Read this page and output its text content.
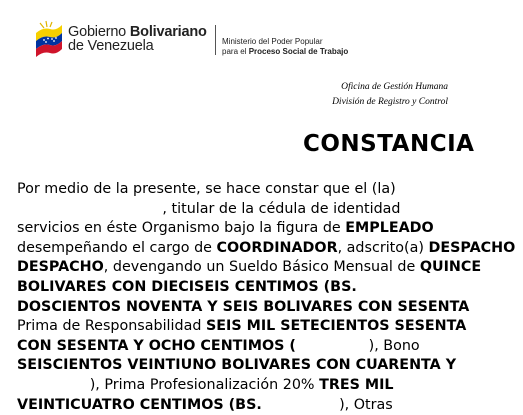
Gobierno Bolivariano
de Venezuela	Ministerio del Poder Popular
para el Proceso Social de Trabajo
Oficina de Gestión Humana
División de Registro y Control
CONSTANCIA
Por medio de la presente, se hace constar que el (la)
, titular de la cédula de identidad
servicios en éste Organismo bajo la figura de EMPLEADO
desempeñando el cargo de COORDINADOR, adscrito(a) DESPACHO
DESPACHO, devengando un Sueldo Básico Mensual de QUINCE
BOLIVARES CON DIECISEIS CENTIMOS (BS.
DOSCIENTOS NOVENTA Y SEIS BOLIVARES CON SESENTA
Prima de Responsabilidad SEIS MIL SETECIENTOS SESENTA
CON SESENTA Y OCHO CENTIMOS (                ), Bono
SEISCIENTOS VEINTIUNO BOLIVARES CON CUARENTA Y
), Prima Profesionalización 20% TRES MIL
VEINTICUATRO CENTIMOS (BS.                 ), Otras
